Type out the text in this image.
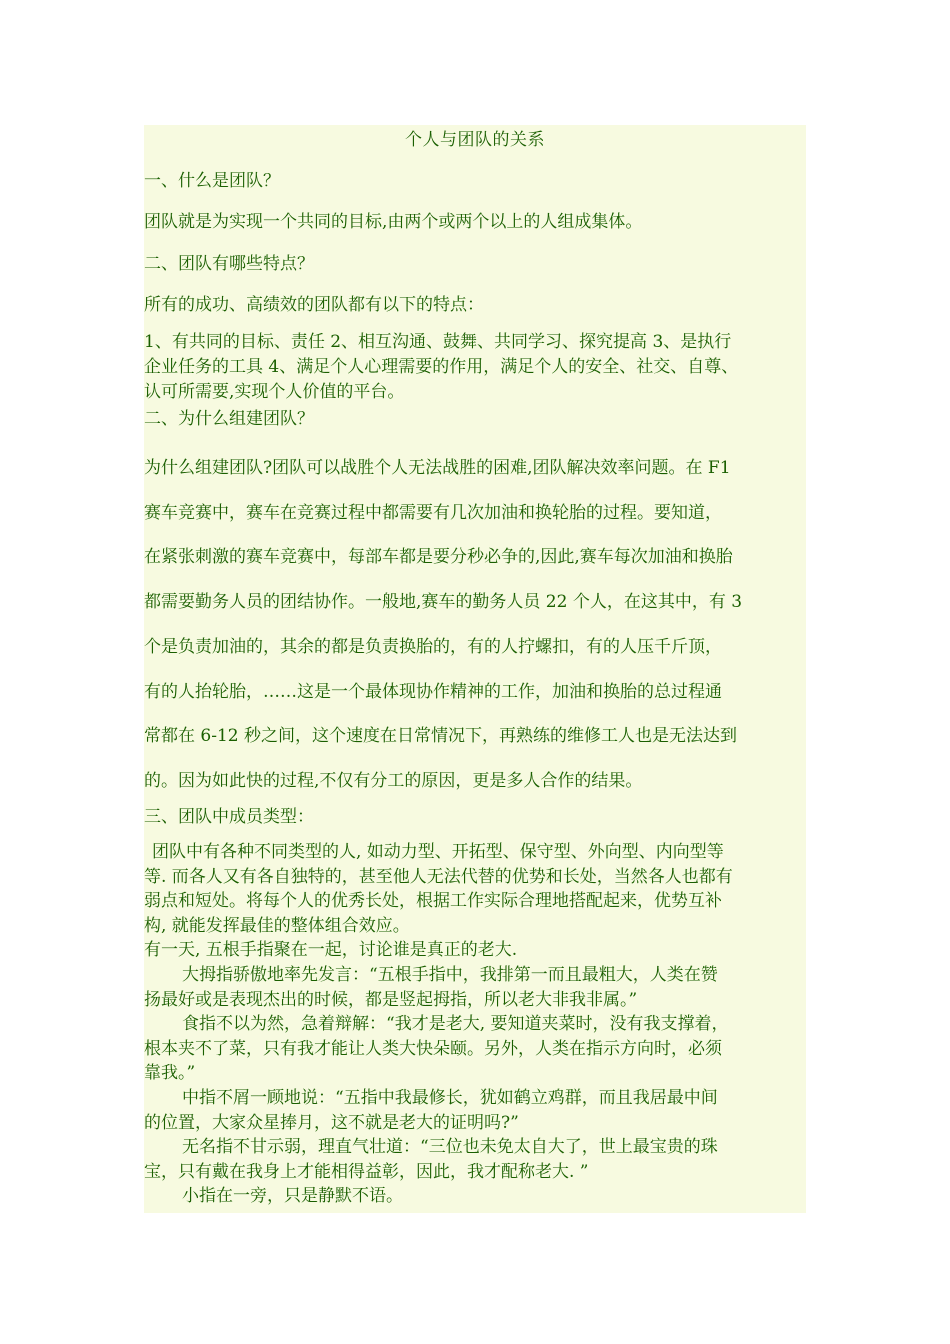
个人与团队的关系
一、什么是团队？
团队就是为实现一个共同的目标,由两个或两个以上的人组成集体。
二、团队有哪些特点？
所有的成功、高绩效的团队都有以下的特点：
1、有共同的目标、责任 2、相互沟通、鼓舞、共同学习、探究提高 3、是执行
企业任务的工具 4、满足个人心理需要的作用，满足个人的安全、社交、自尊、
认可所需要,实现个人价值的平台。
二、为什么组建团队？
为什么组建团队?团队可以战胜个人无法战胜的困难,团队解决效率问题。在 F1
赛车竞赛中，赛车在竞赛过程中都需要有几次加油和换轮胎的过程。要知道，
在紧张刺激的赛车竞赛中，每部车都是要分秒必争的,因此,赛车每次加油和换胎
都需要勤务人员的团结协作。一般地,赛车的勤务人员 22 个人，在这其中，有 3
个是负责加油的，其余的都是负责换胎的，有的人拧螺扣，有的人压千斤顶，
有的人抬轮胎，……这是一个最体现协作精神的工作，加油和换胎的总过程通
常都在 6-12 秒之间，这个速度在日常情况下，再熟练的维修工人也是无法达到
的。因为如此快的过程,不仅有分工的原因，更是多人合作的结果。
三、团队中成员类型：
团队中有各种不同类型的人, 如动力型、开拓型、保守型、外向型、内向型等
等. 而各人又有各自独特的，甚至他人无法代替的优势和长处，当然各人也都有
弱点和短处。将每个人的优秀长处，根据工作实际合理地搭配起来，优势互补
构, 就能发挥最佳的整体组合效应。
有一天, 五根手指聚在一起，讨论谁是真正的老大.
大拇指骄傲地率先发言：“五根手指中，我排第一而且最粗大，人类在赞
扬最好或是表现杰出的时候，都是竖起拇指，所以老大非我非属。”
食指不以为然，急着辩解：“我才是老大, 要知道夹菜时，没有我支撑着，
根本夹不了菜，只有我才能让人类大快朵颐。另外，人类在指示方向时，必须
靠我。”
中指不屑一顾地说：“五指中我最修长，犹如鹤立鸡群，而且我居最中间
的位置，大家众星捧月，这不就是老大的证明吗?”
无名指不甘示弱，理直气壮道：“三位也未免太自大了，世上最宝贵的珠
宝，只有戴在我身上才能相得益彰，因此，我才配称老大. ”
小指在一旁，只是静默不语。
